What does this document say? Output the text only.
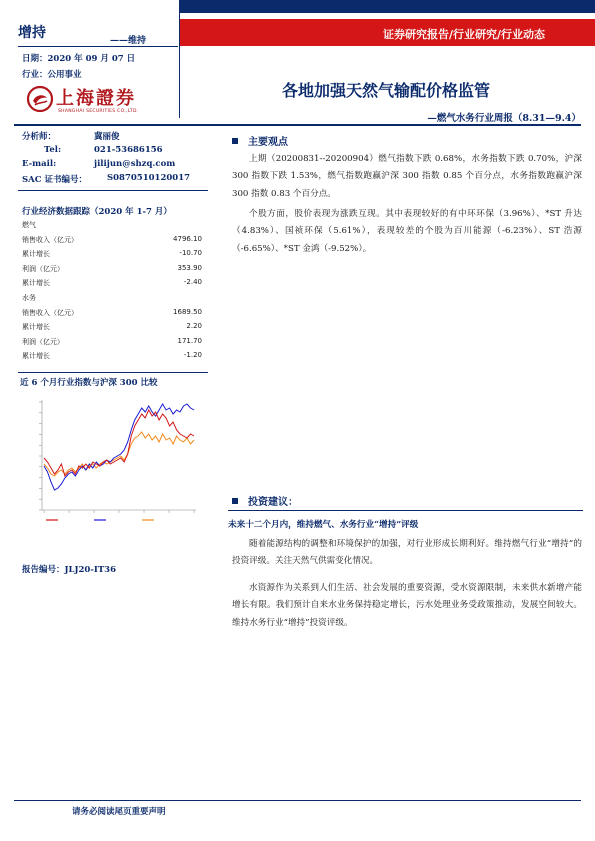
增持	——维持
日期：2020 年 09 月 07 日
行业：公用事业
上海證券
SHANGHAI SECURITIES CO.,LTD.
证券研究报告/行业研究/行业动态
各地加强天然气输配价格监管
—燃气水务行业周报（8.31—9.4）
分析师：	冀丽俊
Tel:	021-53686156
E-mail:	jilijun@shzq.com
SAC 证书编号： S0870510120017
行业经济数据跟踪（2020 年 1-7 月）
燃气
销售收入（亿元）	4796.10
累计增长	-10.70
利润（亿元）	353.90
累计增长	-2.40
水务
销售收入（亿元）	1689.50
累计增长	2.20
利润（亿元）	171.70
累计增长	-1.20
近 6 个月行业指数与沪深 300 比较
报告编号：JLJ20-IT36
主要观点
上期（20200831--20200904）燃气指数下跌 0.68%，水务指数下跌 0.70%，沪深 300 指数下跌 1.53%，燃气指数跑赢沪深 300 指数 0.85 个百分点，水务指数跑赢沪深 300 指数 0.83 个百分点。
个股方面，股价表现为涨跌互现。其中表现较好的有中环环保（3.96%）、*ST 升达（4.83%）、国祯环保（5.61%），表现较差的个股为百川能源（-6.23%）、ST 浩源（-6.65%）、*ST 金鸿（-9.52%）。
投资建议：
未来十二个月内，维持燃气、水务行业“增持”评级
随着能源结构的调整和环境保护的加强，对行业形成长期利好。维持燃气行业“增持”的投资评级。关注天然气供需变化情况。
水资源作为关系到人们生活、社会发展的重要资源，受水资源限制，未来供水新增产能增长有限。我们预计自来水业务保持稳定增长，污水处理业务受政策推动，发展空间较大。维持水务行业“增持”投资评级。
请务必阅读尾页重要声明
